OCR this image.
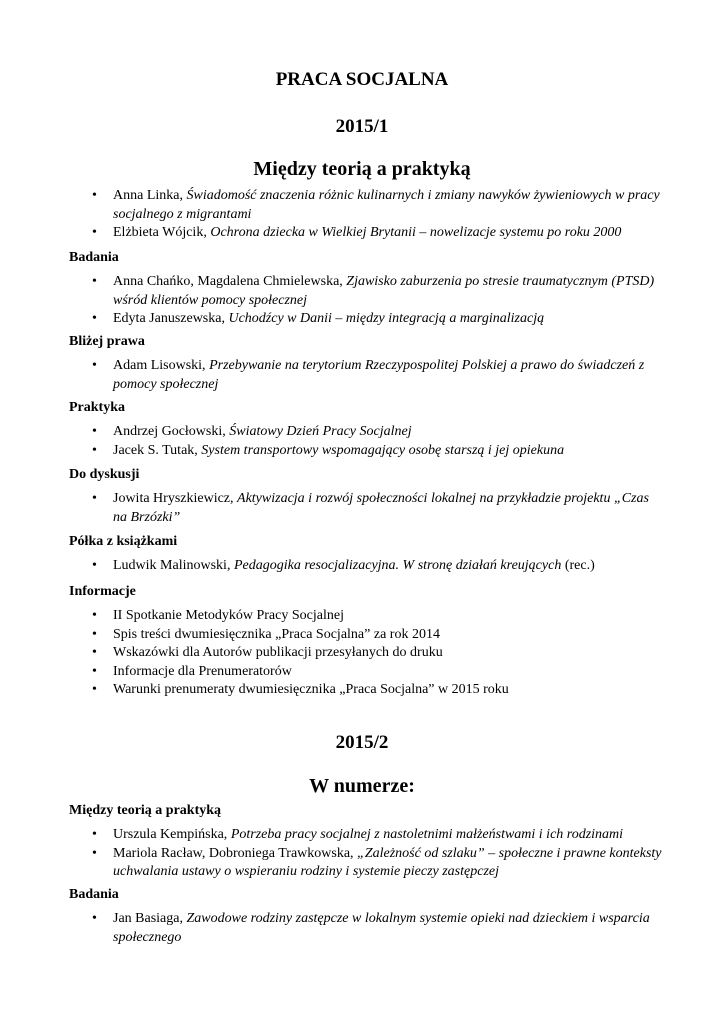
PRACA SOCJALNA
2015/1
Między teorią a praktyką
• Anna Linka, Świadomość znaczenia różnic kulinarnych i zmiany nawyków żywieniowych w pracy socjalnego z migrantami
• Elżbieta Wójcik, Ochrona dziecka w Wielkiej Brytanii – nowelizacje systemu po roku 2000

Badania

• Anna Chańko, Magdalena Chmielewska, Zjawisko zaburzenia po stresie traumatycznym (PTSD) wśród klientów pomocy społecznej
• Edyta Januszewska, Uchodźcy w Danii – między integracją a marginalizacją

Bliżej prawa

• Adam Lisowski, Przebywanie na terytorium Rzeczypospolitej Polskiej a prawo do świadczeń z pomocy społecznej

Praktyka

• Andrzej Gocłowski, Światowy Dzień Pracy Socjalnej
• Jacek S. Tutak, System transportowy wspomagający osobę starszą i jej opiekuna

Do dyskusji

• Jowita Hryszkiewicz, Aktywizacja i rozwój społeczności lokalnej na przykładzie projektu „Czas na Brzózki”

Półka z książkami

• Ludwik Malinowski, Pedagogika resocjalizacyjna. W stronę działań kreujących (rec.)

Informacje

• II Spotkanie Metodyków Pracy Socjalnej
• Spis treści dwumiesięcznika „Praca Socjalna” za rok 2014
• Wskazówki dla Autorów publikacji przesyłanych do druku
• Informacje dla Prenumeratorów
• Warunki prenumeraty dwumiesięcznika „Praca Socjalna” w 2015 roku
2015/2
W numerze:

Między teorią a praktyką

• Urszula Kempińska, Potrzeba pracy socjalnej z nastoletnimi małżeństwami i ich rodzinami
• Mariola Racław, Dobroniega Trawkowska, „Zależność od szlaku” – społeczne i prawne konteksty uchwalania ustawy o wspieraniu rodziny i systemie pieczy zastępczej

Badania

• Jan Basiaga, Zawodowe rodziny zastępcze w lokalnym systemie opieki nad dzieckiem i wsparcia społecznego
